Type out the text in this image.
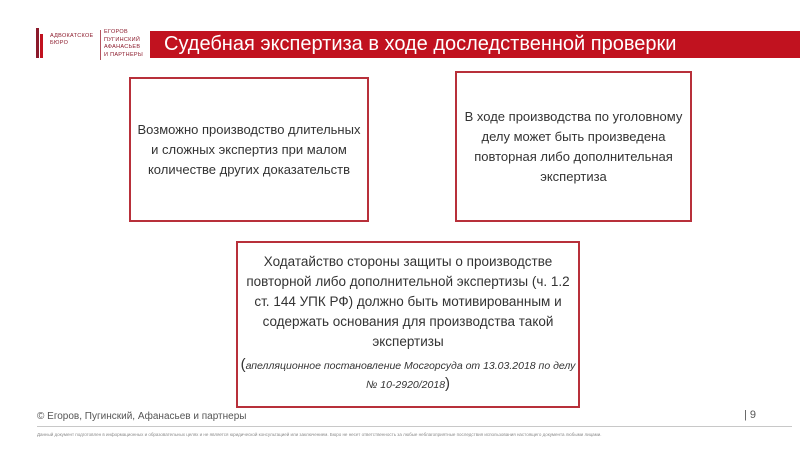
АДВОКАТСКОЕ
БЮРО
ЕГОРОВ
ПУГИНСКИЙ
АФАНАСЬЕВ
И ПАРТНЕРЫ	Судебная экспертиза в ходе доследственной проверки
Возможно производство длительных и сложных экспертиз при малом количестве других доказательств
В ходе производства по уголовному делу может быть произведена повторная либо дополнительная экспертиза
Ходатайство стороны защиты о производстве повторной либо дополнительной экспертизы (ч. 1.2 ст. 144 УПК РФ) должно быть мотивированным и содержать основания для производства такой экспертизы
(апелляционное постановление Мосгорсуда от 13.03.2018 по делу № 10-2920/2018)
© Егоров, Пугинский, Афанасьев и партнеры	| 9
Данный документ подготовлен в информационных и образовательных целях и не является юридической консультацией или заключением. Бюро не несет ответственность за любые неблагоприятные последствия использования настоящего документа любыми лицами.
